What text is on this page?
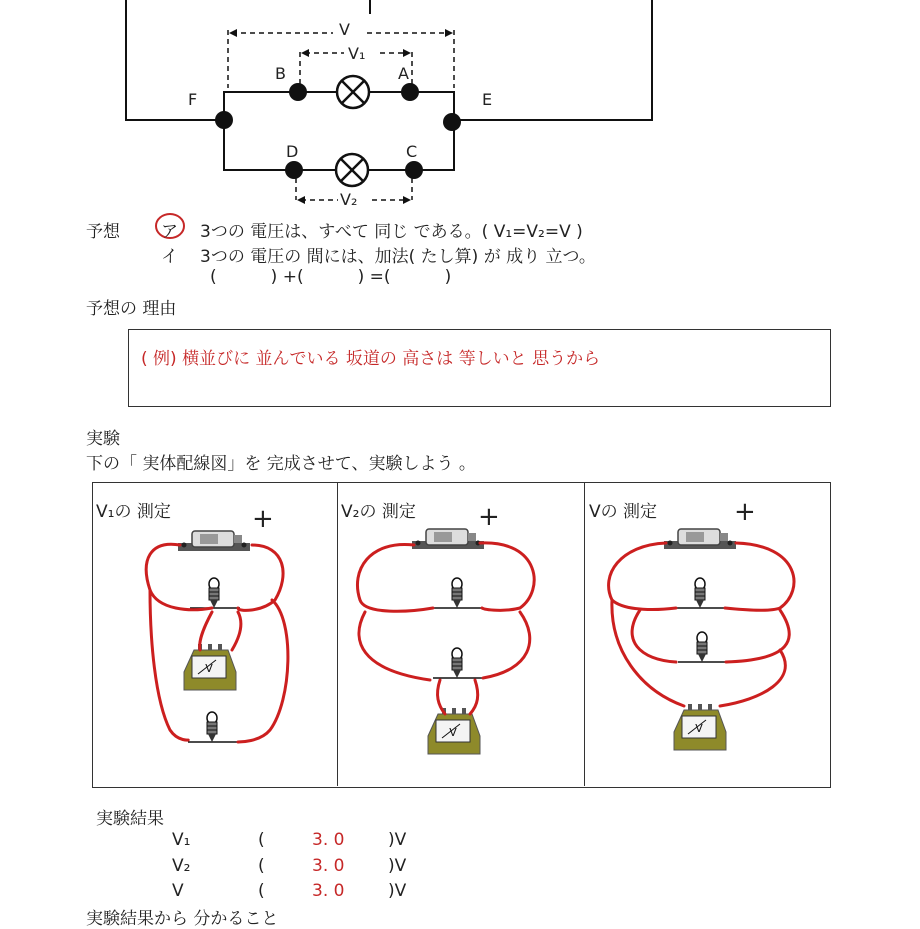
V
V₁
V₂
B	A
F	E
D	C
予想 ア 3つの 電圧は、すべて 同じ である。( V₁=V₂=V )
イ 3つの 電圧の 間には、加法( たし算) が 成り 立つ。
(          ) +(          ) =(          )
予想の 理由
( 例) 横並びに 並んでいる 坂道の 高さは 等しいと 思うから
実験
下の「 実体配線図」を 完成させて、実験しよう 。
V₁の 測定	+	V₂の 測定 +	Vの 測定	+
V
実験結果
V₁	(	3. 0	)V
V₂	(	3. 0	)V
V	(	3. 0	)V
実験結果から 分かること
